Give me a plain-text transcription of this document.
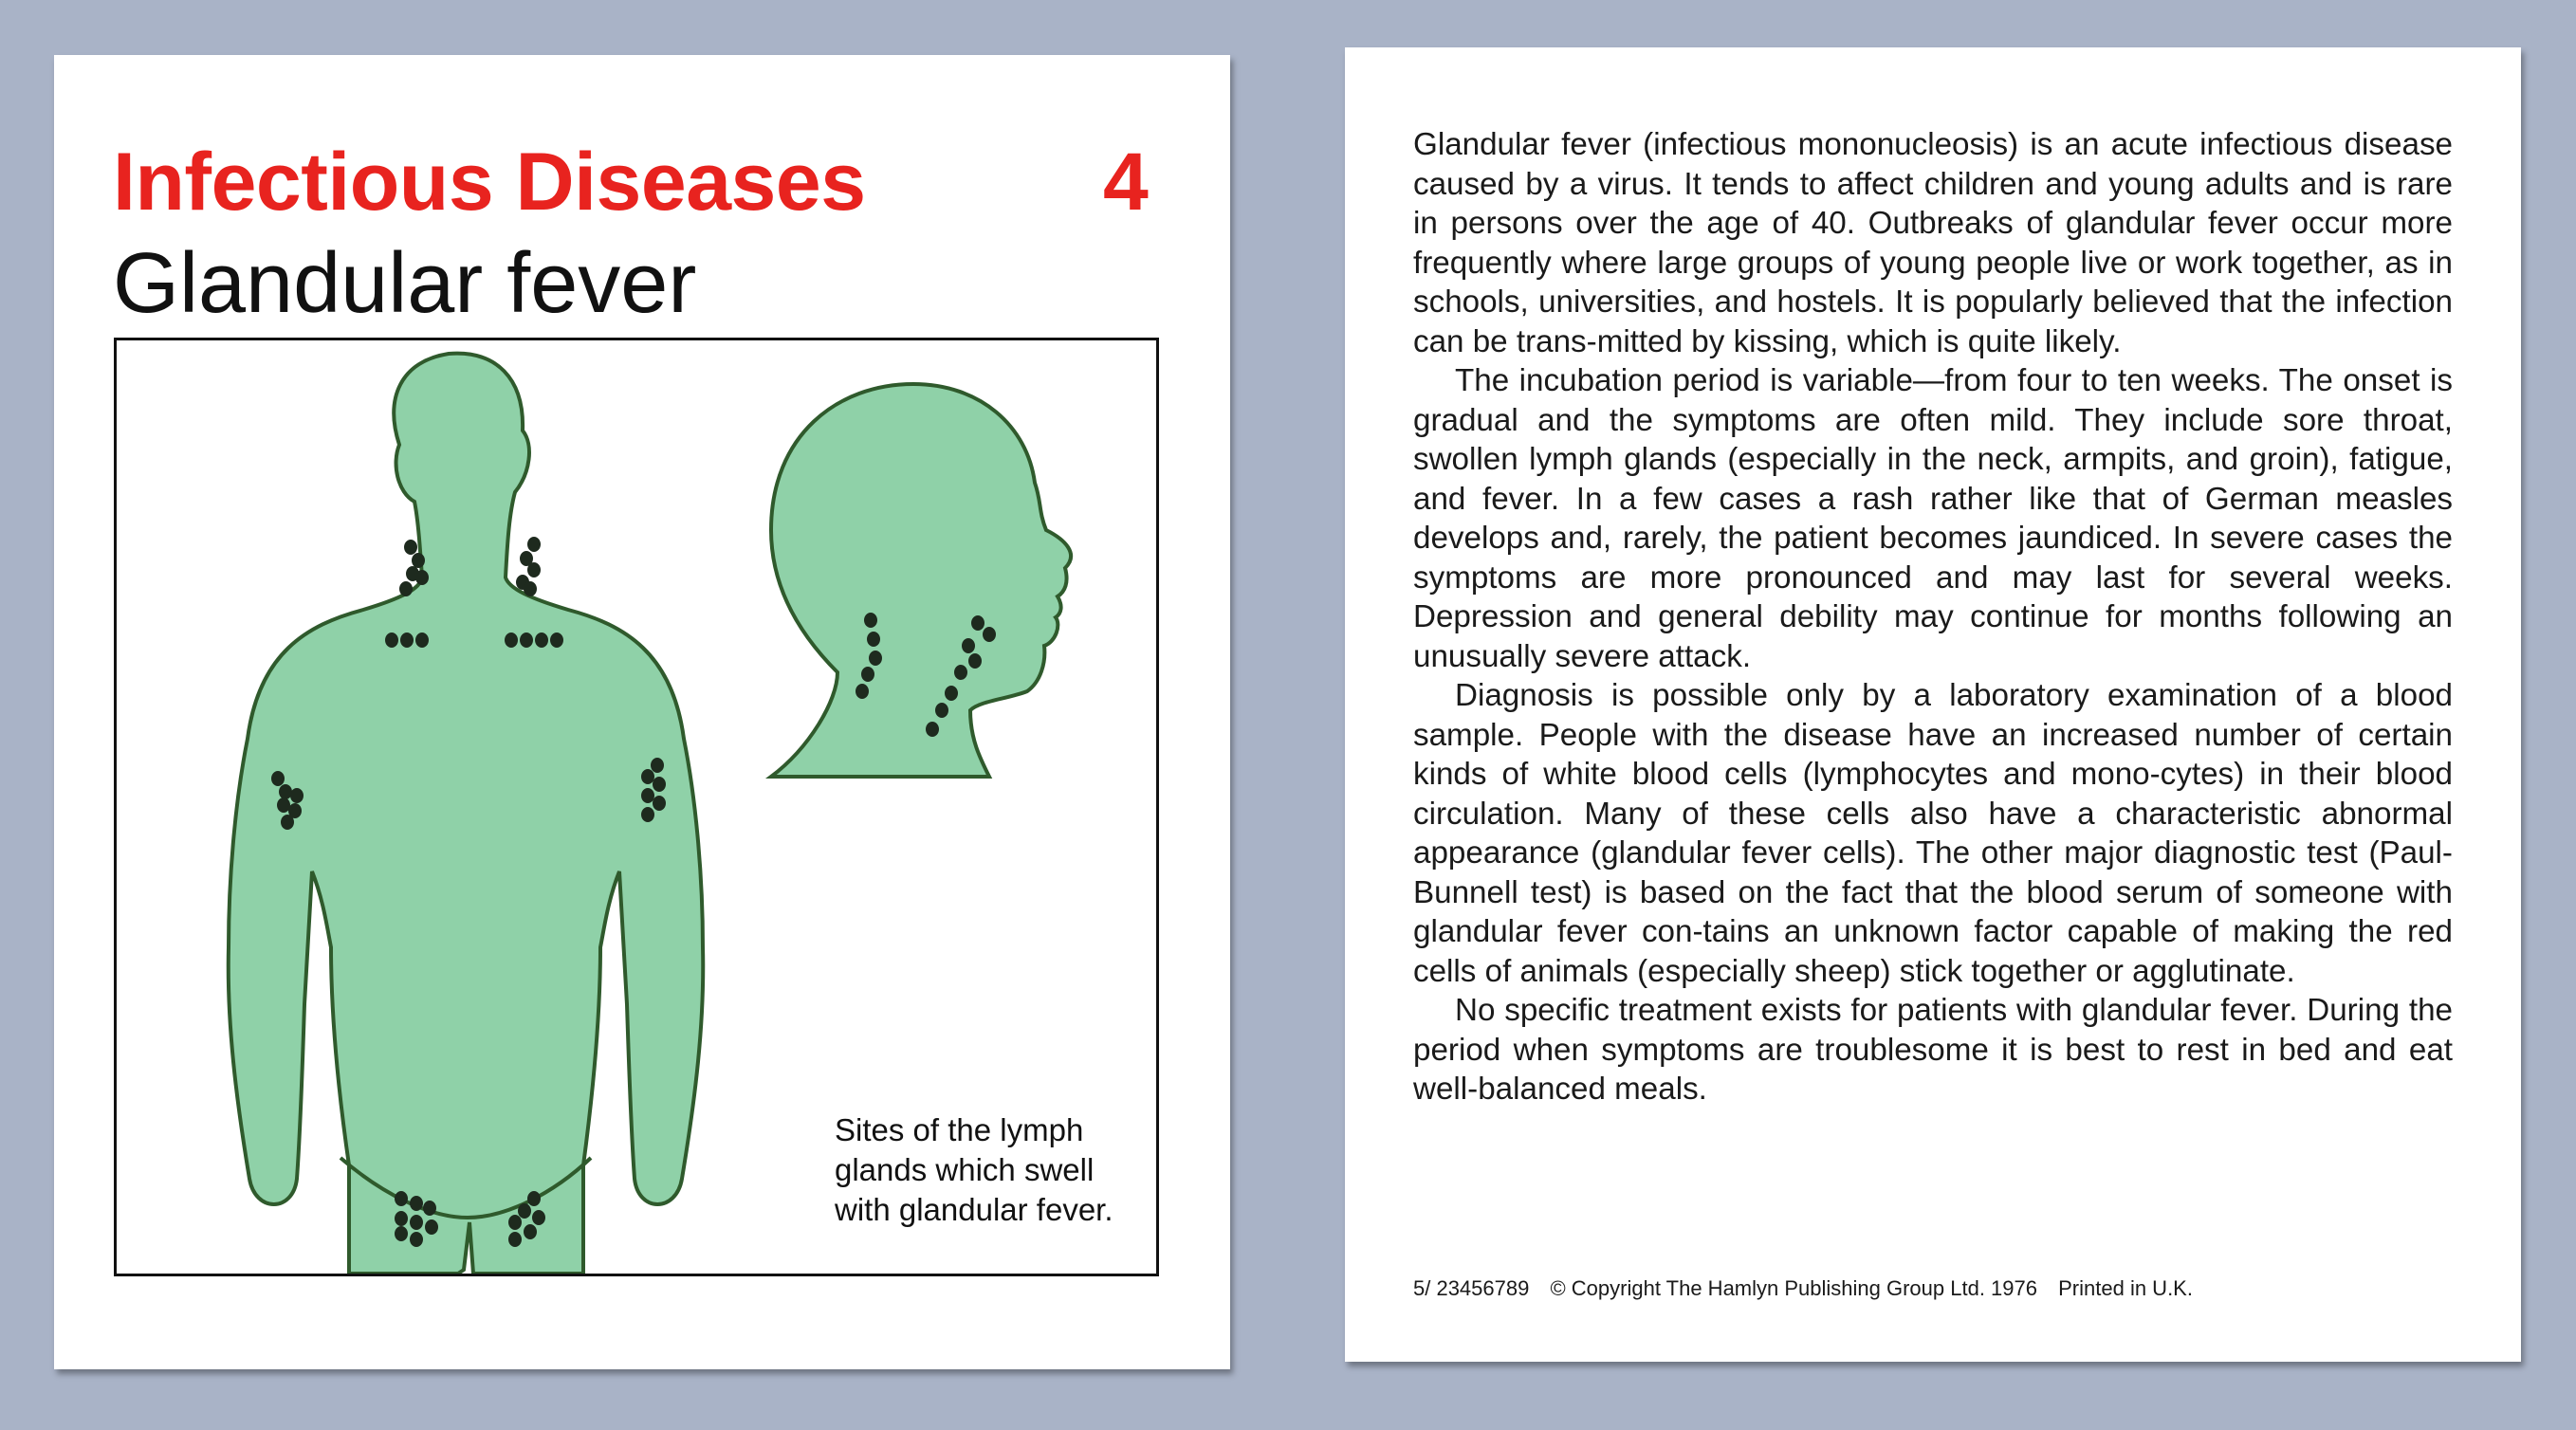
Infectious Diseases	4
Glandular fever
Sites of the lymph
glands which swell
with glandular fever.

Glandular fever (infectious mononucleosis) is an acute infectious disease caused by a virus. It tends to affect children and young adults and is rare in persons over the age of 40. Outbreaks of glandular fever occur more frequently where large groups of young people live or work together, as in schools, universities, and hostels. It is popularly believed that the infection can be trans-mitted by kissing, which is quite likely.

The incubation period is variable—from four to ten weeks. The onset is gradual and the symptoms are often mild. They include sore throat, swollen lymph glands (especially in the neck, armpits, and groin), fatigue, and fever. In a few cases a rash rather like that of German measles develops and, rarely, the patient becomes jaundiced. In severe cases the symptoms are more pronounced and may last for several weeks. Depression and general debility may continue for months following an unusually severe attack.

Diagnosis is possible only by a laboratory examination of a blood sample. People with the disease have an increased number of certain kinds of white blood cells (lymphocytes and mono-cytes) in their blood circulation. Many of these cells also have a characteristic abnormal appearance (glandular fever cells). The other major diagnostic test (Paul-Bunnell test) is based on the fact that the blood serum of someone with glandular fever con-tains an unknown factor capable of making the red cells of animals (especially sheep) stick together or agglutinate.

No specific treatment exists for patients with glandular fever. During the period when symptoms are troublesome it is best to rest in bed and eat well-balanced meals.

5/ 23456789 © Copyright The Hamlyn Publishing Group Ltd. 1976 Printed in U.K.
